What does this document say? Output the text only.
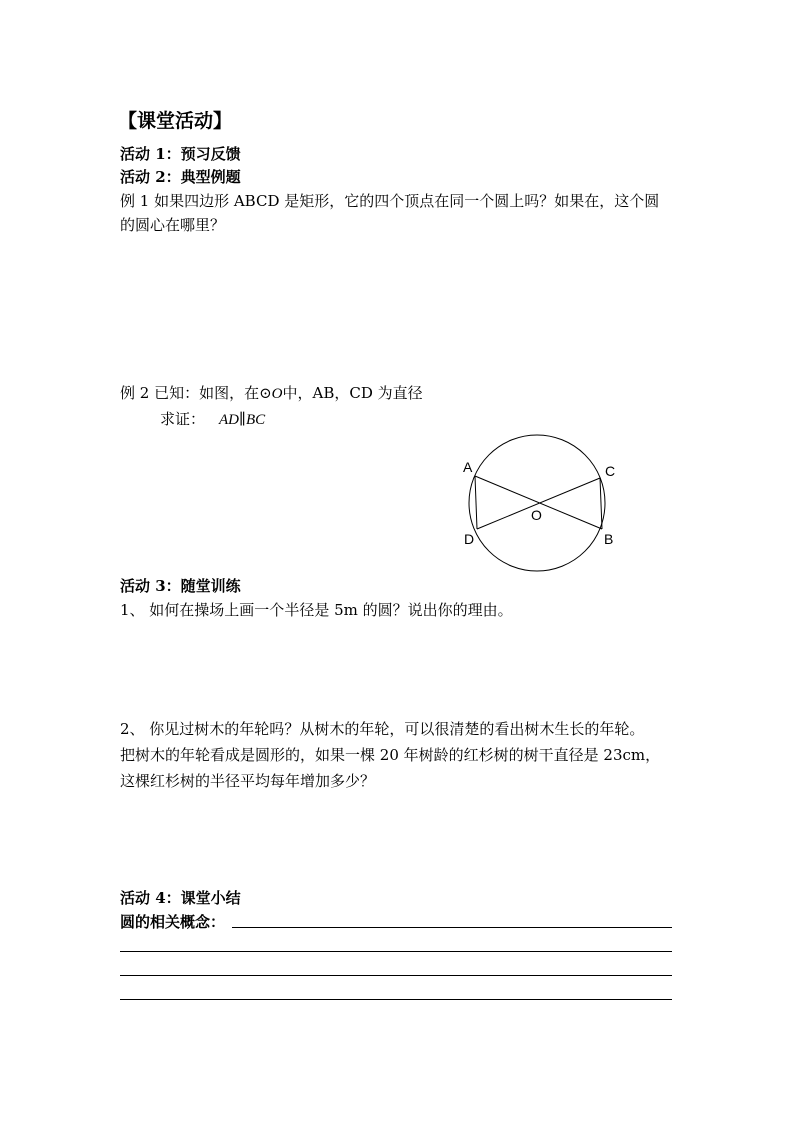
【课堂活动】
活动 1：预习反馈
活动 2：典型例题
例 1 如果四边形 ABCD 是矩形，它的四个顶点在同一个圆上吗？如果在，这个圆
的圆心在哪里？
例 2 已知：如图，在⊙O中，AB，CD 为直径
求证： AD∥BC
A	C
O
D	B
活动 3：随堂训练
1、 如何在操场上画一个半径是 5m 的圆？说出你的理由。
2、 你见过树木的年轮吗？从树木的年轮，可以很清楚的看出树木生长的年轮。
把树木的年轮看成是圆形的，如果一棵 20 年树龄的红杉树的树干直径是 23cm，
这棵红杉树的半径平均每年增加多少？
活动 4：课堂小结
圆的相关概念：
